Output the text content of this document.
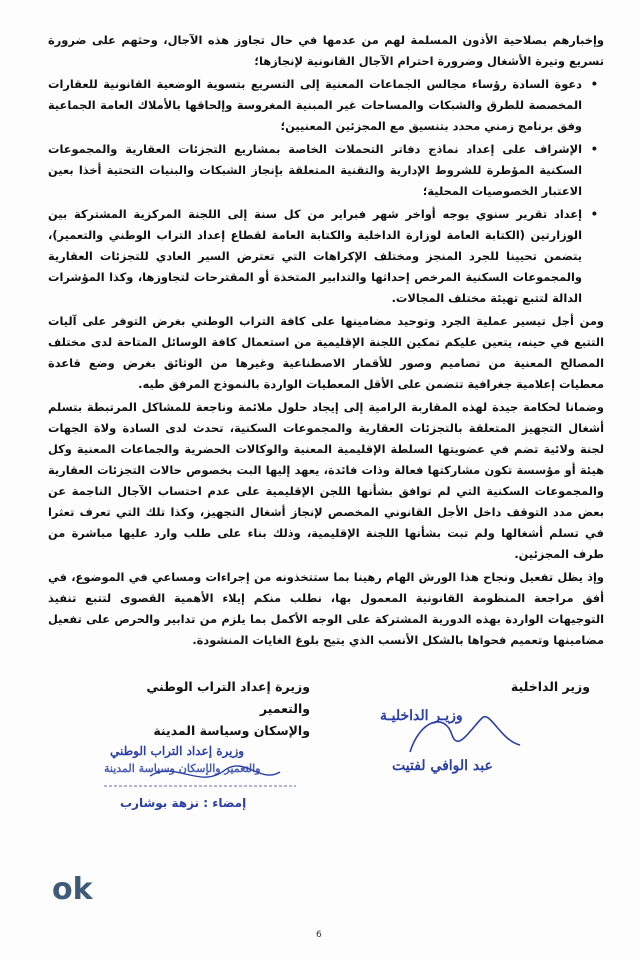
وإخبارهم بصلاحية الأذون المسلمة لهم من عدمها في حال تجاوز هذه الآجال، وحثهم على ضرورة تسريع وتيرة الأشغال وضرورة احترام الآجال القانونية لإنجازها؛

• دعوة السادة رؤساء مجالس الجماعات المعنية إلى التسريع بتسوية الوضعية القانونية للعقارات المخصصة للطرق والشبكات والمساحات غير المبنية المغروسة وإلحاقها بالأملاك العامة الجماعية وفق برنامج زمني محدد بتنسيق مع المجزئين المعنيين؛

• الإشراف على إعداد نماذج دفاتر التحملات الخاصة بمشاريع التجزئات العقارية والمجموعات السكنية المؤطرة للشروط الإدارية والتقنية المتعلقة بإنجاز الشبكات والبنيات التحتية أخذا بعين الاعتبار الخصوصيات المحلية؛

• إعداد تقرير سنوي يوجه أواخر شهر فبراير من كل سنة إلى اللجنة المركزية المشتركة بين الوزارتين (الكتابة العامة لوزارة الداخلية والكتابة العامة لقطاع إعداد التراب الوطني والتعمير)، يتضمن تحيينا للجرد المنجز ومختلف الإكراهات التي تعترض السير العادي للتجزئات العقارية والمجموعات السكنية المرخص إحداثها والتدابير المتخذة أو المقترحات لتجاوزها، وكذا المؤشرات الدالة لتتبع تهيئة مختلف المجالات.

ومن أجل تيسير عملية الجرد وتوحيد مضامينها على كافة التراب الوطني بغرض التوفر على آليات التتبع في حينه، يتعين عليكم تمكين اللجنة الإقليمية من استعمال كافة الوسائل المتاحة لدى مختلف المصالح المعنية من تصاميم وصور للأقمار الاصطناعية وغيرها من الوثائق بغرض وضع قاعدة معطيات إعلامية جغرافية تتضمن على الأقل المعطيات الواردة بالنموذج المرفق طيه.

وضمانا لحكامة جيدة لهذه المقاربة الرامية إلى إيجاد حلول ملائمة وناجعة للمشاكل المرتبطة بتسلم أشغال التجهيز المتعلقة بالتجزئات العقارية والمجموعات السكنية، تحدث لدى السادة ولاة الجهات لجنة ولائية تضم في عضويتها السلطة الإقليمية المعنية والوكالات الحضرية والجماعات المعنية وكل هيئة أو مؤسسة تكون مشاركتها فعالة وذات فائدة، يعهد إليها البت بخصوص حالات التجزئات العقارية والمجموعات السكنية التي لم توافق بشأنها اللجن الإقليمية على عدم احتساب الآجال الناجمة عن بعض مدد التوقف داخل الأجل القانوني المخصص لإنجاز أشغال التجهيز، وكذا تلك التي تعرف تعثرا في تسلم أشغالها ولم تبت بشأنها اللجنة الإقليمية، وذلك بناء على طلب وارد عليها مباشرة من طرف المجزئين.

وإذ يظل تفعيل ونجاح هذا الورش الهام رهينا بما ستتخذونه من إجراءات ومساعي في الموضوع، في أفق مراجعة المنظومة القانونية المعمول بها، نطلب منكم إيلاء الأهمية القصوى لتتبع تنفيذ التوجيهات الواردة بهذه الدورية المشتركة على الوجه الأكمل بما يلزم من تدابير والحرص على تفعيل مضامينها وتعميم فحواها بالشكل الأنسب الذي يتيح بلوغ الغايات المنشودة.

وزير الداخلية
وزيـر الداخليـة
عبد الوافي لفتيت
وزيرة إعداد التراب الوطني والتعمير
والإسكان وسياسة المدينة
وزيرة إعداد التراب الوطني
والتعمير والإسكان وسياسة المدينة
إمضاء : نزهة بوشارب
ok
6
